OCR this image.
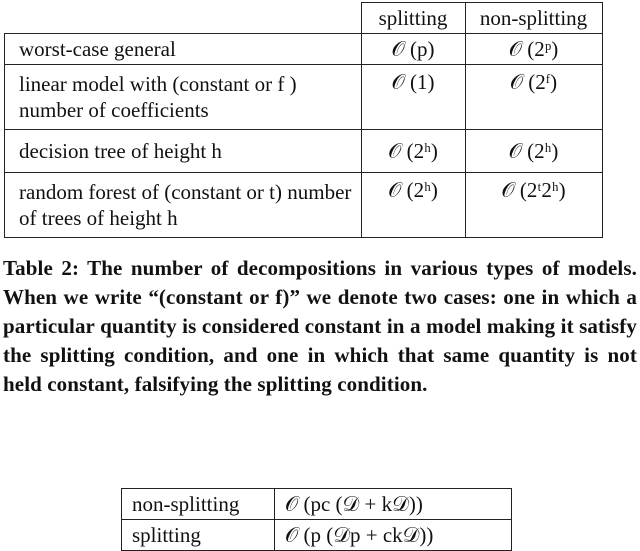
	splitting	non-splitting
worst-case general	𝒪 (p)	𝒪 (2ᵖ)
linear model with (constant or f ) number of coefficients	𝒪 (1)	𝒪 (2ᶠ)
decision tree of height h	𝒪 (2ʰ)	𝒪 (2ʰ)
random forest of (constant or t) number of trees of height h	𝒪 (2ʰ)	𝒪 (2ᵗ2ʰ)
Table 2: The number of decompositions in various types of models. When we write “(constant or f)” we denote two cases: one in which a particular quantity is considered constant in a model making it satisfy the splitting condition, and one in which that same quantity is not held constant, falsifying the splitting condition.
non-splitting	𝒪 (pc (𝒟 + k𝒟))
splitting	𝒪 (p (𝒟p + ck𝒟))
